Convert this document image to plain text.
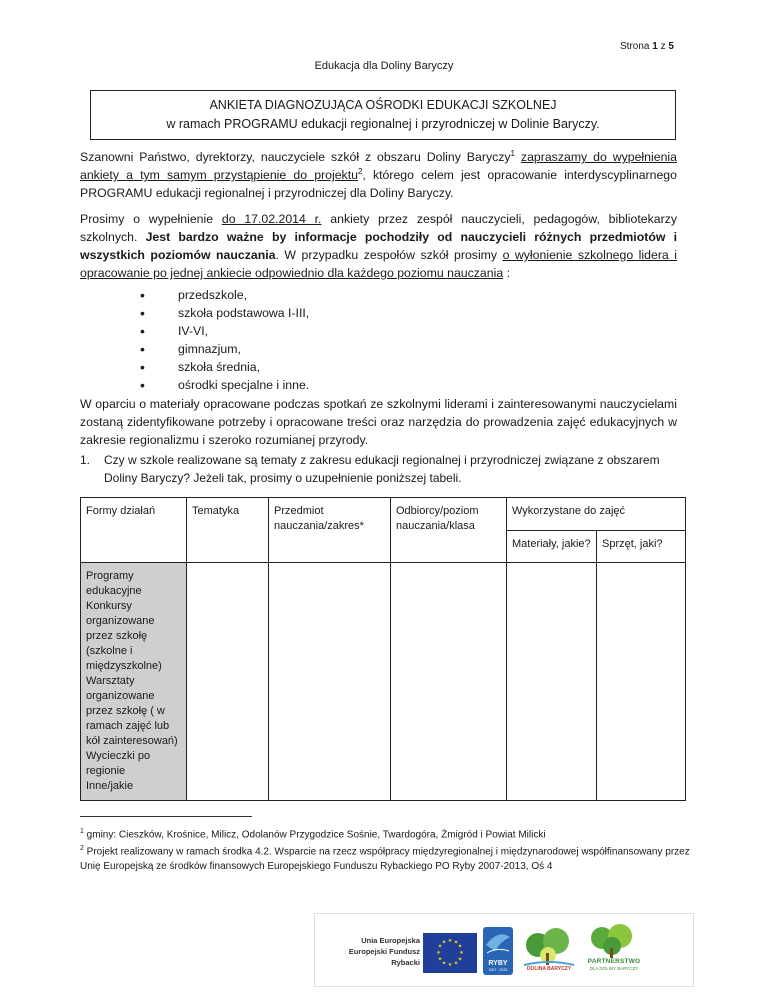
Strona 1 z 5
Edukacja dla Doliny Baryczy
ANKIETA DIAGNOZUJĄCA OŚRODKI EDUKACJI SZKOLNEJ
w ramach PROGRAMU edukacji regionalnej i przyrodniczej w Dolinie Baryczy.
Szanowni Państwo, dyrektorzy, nauczyciele szkół z obszaru Doliny Baryczy$^1$ zapraszamy do wypełnienia ankiety a tym samym przystąpienie do projektu$^2$, którego celem jest opracowanie interdyscyplinarnego PROGRAMU edukacji regionalnej i przyrodniczej dla Doliny Baryczy.
Prosimy o wypełnienie do 17.02.2014 r. ankiety przez zespół nauczycieli, pedagogów, bibliotekarzy szkolnych. Jest bardzo ważne by informacje pochodziły od nauczycieli różnych przedmiotów i wszystkich poziomów nauczania. W przypadku zespołów szkół prosimy o wyłonienie szkolnego lidera i opracowanie po jednej ankiecie odpowiednio dla każdego poziomu nauczania :
• przedszkole,
• szkoła podstawowa I-III,
• IV-VI,
• gimnazjum,
• szkoła średnia,
• ośrodki specjalne i inne.
W oparciu o materiały opracowane podczas spotkań ze szkolnymi liderami i zainteresowanymi nauczycielami zostaną zidentyfikowane potrzeby i opracowane treści oraz narzędzia do prowadzenia zajęć edukacyjnych w zakresie regionalizmu i szeroko rozumianej przyrody.
1. Czy w szkole realizowane są tematy z zakresu edukacji regionalnej i przyrodniczej związane z obszarem Doliny Baryczy? Jeżeli tak, prosimy o uzupełnienie poniższej tabeli.
Formy działań	Tematyka	Przedmiot nauczania/zakres*	Odbiorcy/poziom nauczania/klasa	Wykorzystane do zajęć	
				Materiały, jakie?	Sprzęt, jaki?

Programy edukacyjne
Konkursy organizowane przez szkołę (szkolne i międzyszkolne)
Warsztaty organizowane przez szkołę ( w ramach zajęć lub kół zainteresowań)
Wycieczki po regionie
Inne/jakie					

$^1$ gminy: Cieszków, Krośnice, Milicz, Odolanów Przygodzice Sośnie, Twardogóra, Żmigród i Powiat Milicki
$^2$ Projekt realizowany w ramach środka 4.2. Wsparcie na rzecz współpracy międzyregionalnej i międzynarodowej współfinansowany przez Unię Europejską ze środków finansowych Europejskiego Funduszu Rybackiego PO Ryby 2007-2013, Oś 4
Unia Europejska
Europejski Fundusz
Rybacki
★ ★
★
★
★
★
★
★
★
★
★
★
RYBY
2007 - 2013	DOLINA BARYCZY
PARTNERSTWO
DLA DOLINY BARYCZY
